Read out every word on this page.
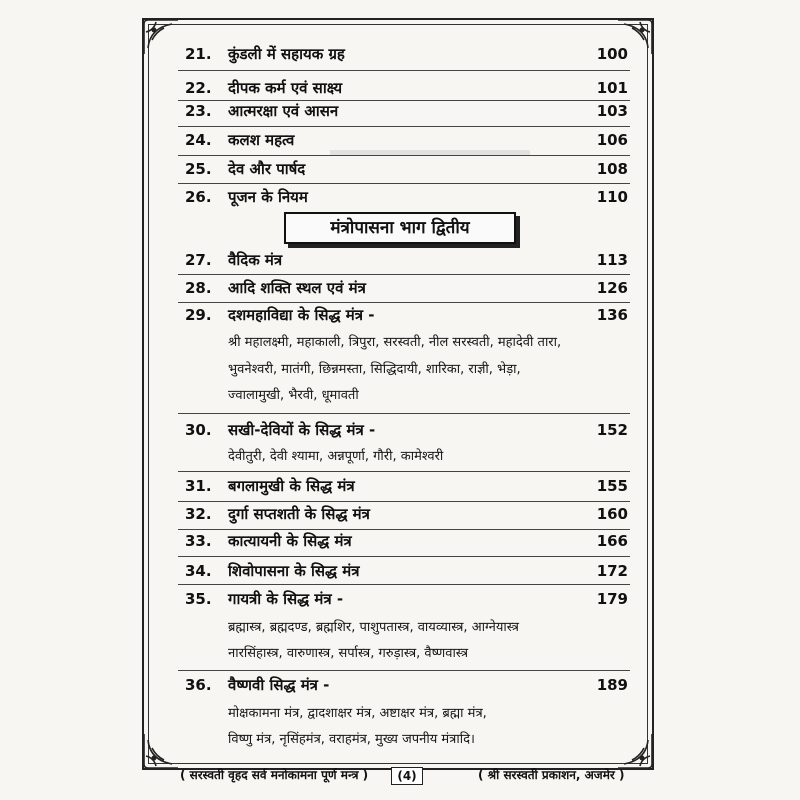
21.	कुंडली में सहायक ग्रह	100
22.	दीपक कर्म एवं साक्ष्य	101
23.	आत्मरक्षा एवं आसन	103
24.	कलश महत्व	106
25.	देव और पार्षद	108
26.	पूजन के नियम	110
मंत्रोपासना भाग द्वितीय
27.	वैदिक मंत्र	113
28.	आदि शक्ति स्थल एवं मंत्र	126
29.	दशमहाविद्या के सिद्ध मंत्र -	136
श्री महालक्ष्मी, महाकाली, त्रिपुरा, सरस्वती, नील सरस्वती, महादेवी तारा,
भुवनेश्वरी, मातंगी, छिन्नमस्ता, सिद्धिदायी, शारिका, राज्ञी, भेड़ा,
ज्वालामुखी, भैरवी, धूमावती
30.	सखी-देवियों के सिद्ध मंत्र -	152
देवीतुरी, देवी श्यामा, अन्नपूर्णा, गौरी, कामेश्वरी
31.	बगलामुखी के सिद्ध मंत्र	155
32.	दुर्गा सप्तशती के सिद्ध मंत्र	160
33.	कात्यायनी के सिद्ध मंत्र	166
34.	शिवोपासना के सिद्ध मंत्र	172
35.	गायत्री के सिद्ध मंत्र -	179
ब्रह्मास्त्र, ब्रह्मदण्ड, ब्रह्मशिर, पाशुपतास्त्र, वायव्यास्त्र, आग्नेयास्त्र
नारसिंहास्त्र, वारुणास्त्र, सर्पास्त्र, गरुड़ास्त्र, वैष्णवास्त्र
36.	वैष्णवी सिद्ध मंत्र -	189
मोक्षकामना मंत्र, द्वादशाक्षर मंत्र, अष्टाक्षर मंत्र, ब्रह्मा मंत्र,
विष्णु मंत्र, नृसिंहमंत्र, वराहमंत्र, मुख्य जपनीय मंत्रादि।
( सरस्वती वृहद सर्व मनोकामना पूर्ण मन्त्र )	(4)	( श्री सरस्वती प्रकाशन, अजमेर )
